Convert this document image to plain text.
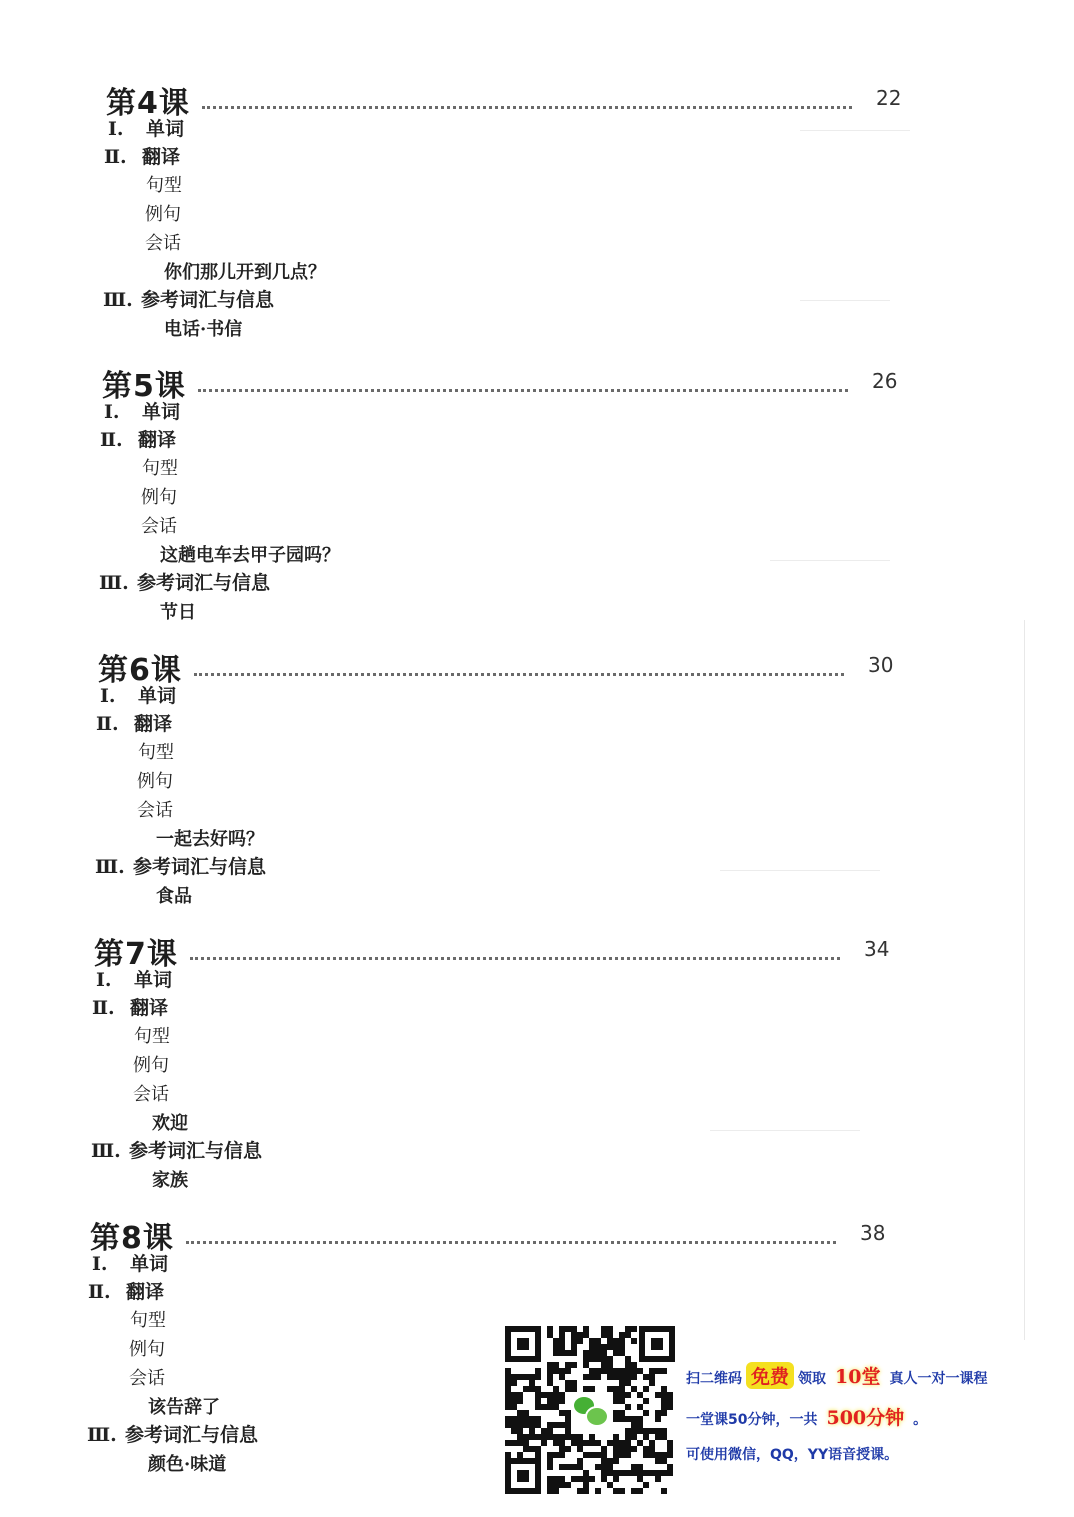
第4课	22
Ⅰ. 单词
Ⅱ. 翻译
句型
例句
会话
你们那儿开到几点？
Ⅲ. 参考词汇与信息
电话·书信
第5课	26
Ⅰ. 单词
Ⅱ. 翻译
句型
例句
会话
这趟电车去甲子园吗？
Ⅲ. 参考词汇与信息
节日
第6课	30
Ⅰ. 单词
Ⅱ. 翻译
句型
例句
会话
一起去好吗？
Ⅲ. 参考词汇与信息
食品
第7课	34
Ⅰ. 单词
Ⅱ. 翻译
句型
例句
会话
欢迎
Ⅲ. 参考词汇与信息
家族
第8课	38
Ⅰ. 单词
Ⅱ. 翻译
句型
例句
会话
该告辞了
Ⅲ. 参考词汇与信息
颜色·味道
扫二维码 免费 领取 10堂 真人一对一课程
一堂课50分钟，一共 500分钟 。
可使用微信，QQ，YY语音授课。
